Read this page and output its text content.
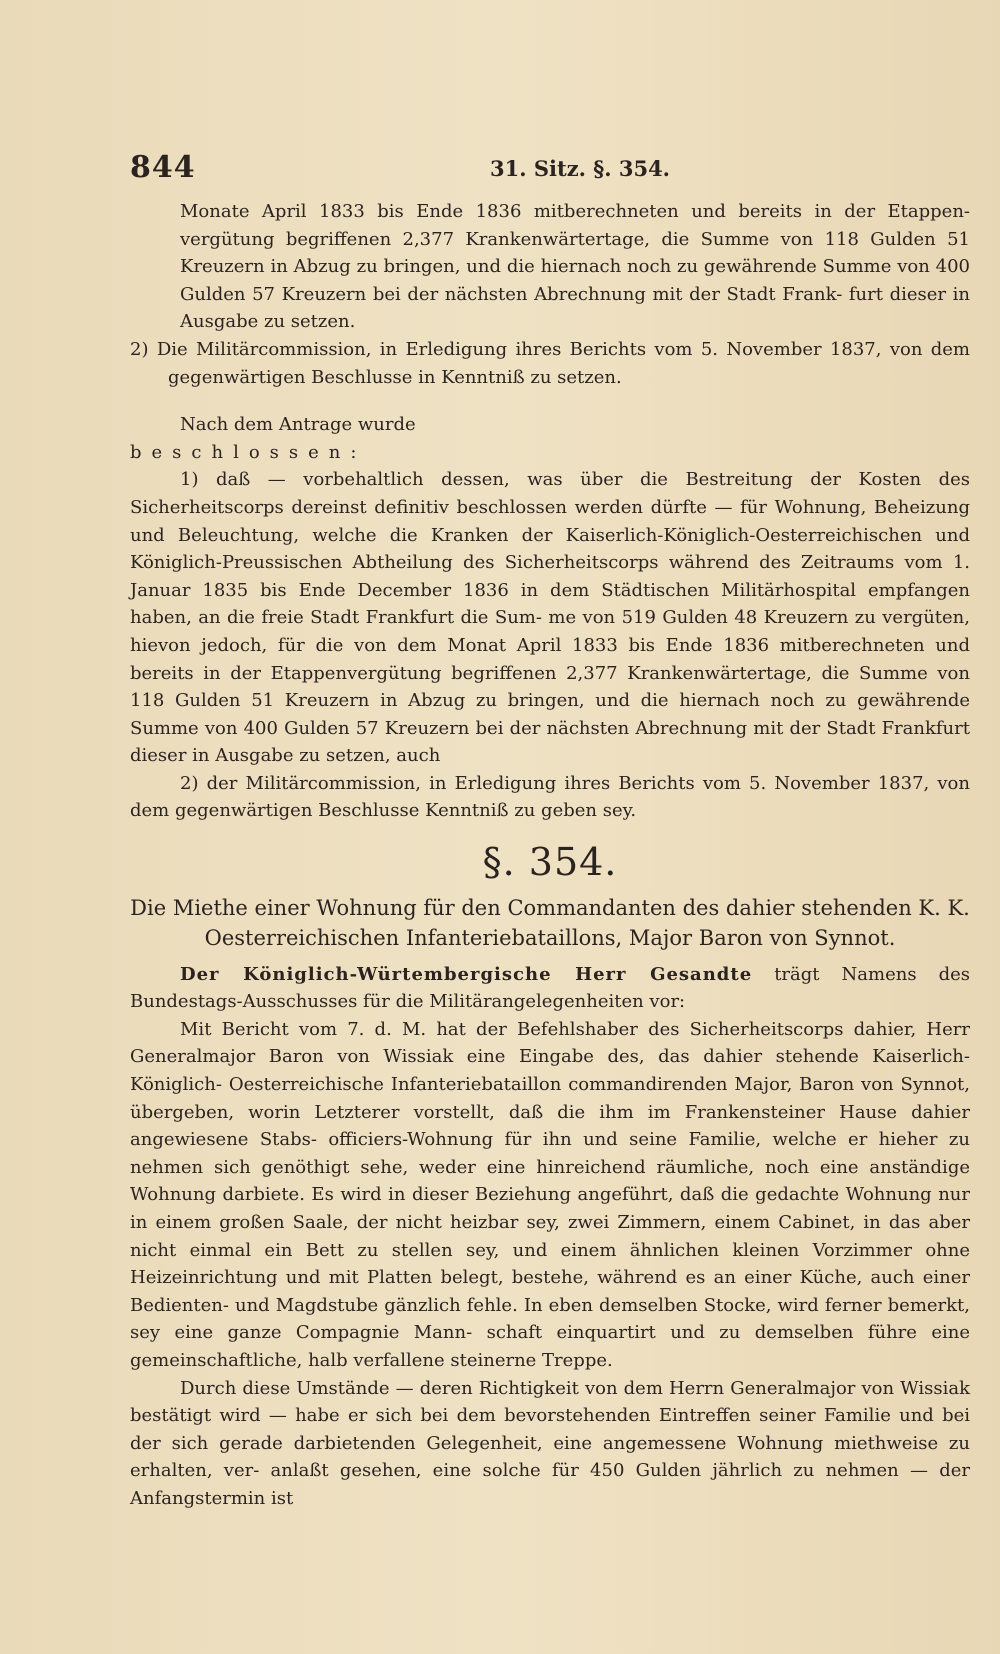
844	31. Sitz. §. 354.

Monate April 1833 bis Ende 1836 mitberechneten und bereits in der Etappen- vergütung begriffenen 2,377 Krankenwärtertage, die Summe von 118 Gulden 51 Kreuzern in Abzug zu bringen, und die hiernach noch zu gewährende Summe von 400 Gulden 57 Kreuzern bei der nächsten Abrechnung mit der Stadt Frank- furt dieser in Ausgabe zu setzen.

2) Die Militärcommission, in Erledigung ihres Berichts vom 5. November 1837, von dem gegenwärtigen Beschlusse in Kenntniß zu setzen.

Nach dem Antrage wurde

beschlossen:

1) daß — vorbehaltlich dessen, was über die Bestreitung der Kosten des Sicherheitscorps dereinst definitiv beschlossen werden dürfte — für Wohnung, Beheizung und Beleuchtung, welche die Kranken der Kaiserlich-Königlich-Oesterreichischen und Königlich-Preussischen Abtheilung des Sicherheitscorps während des Zeitraums vom 1. Januar 1835 bis Ende December 1836 in dem Städtischen Militärhospital empfangen haben, an die freie Stadt Frankfurt die Sum- me von 519 Gulden 48 Kreuzern zu vergüten, hievon jedoch, für die von dem Monat April 1833 bis Ende 1836 mitberechneten und bereits in der Etappenvergütung begriffenen 2,377 Krankenwärtertage, die Summe von 118 Gulden 51 Kreuzern in Abzug zu bringen, und die hiernach noch zu gewährende Summe von 400 Gulden 57 Kreuzern bei der nächsten Abrechnung mit der Stadt Frankfurt dieser in Ausgabe zu setzen, auch

2) der Militärcommission, in Erledigung ihres Berichts vom 5. November 1837, von dem gegenwärtigen Beschlusse Kenntniß zu geben sey.

§. 354.
Die Miethe einer Wohnung für den Commandanten des dahier stehenden K. K. Oesterreichischen Infanteriebataillons, Major Baron von Synnot.

Der Königlich-Würtembergische Herr Gesandte trägt Namens des Bundestags-Ausschusses für die Militärangelegenheiten vor:

Mit Bericht vom 7. d. M. hat der Befehlshaber des Sicherheitscorps dahier, Herr Generalmajor Baron von Wissiak eine Eingabe des, das dahier stehende Kaiserlich-Königlich- Oesterreichische Infanteriebataillon commandirenden Major, Baron von Synnot, übergeben, worin Letzterer vorstellt, daß die ihm im Frankensteiner Hause dahier angewiesene Stabs- officiers-Wohnung für ihn und seine Familie, welche er hieher zu nehmen sich genöthigt sehe, weder eine hinreichend räumliche, noch eine anständige Wohnung darbiete. Es wird in dieser Beziehung angeführt, daß die gedachte Wohnung nur in einem großen Saale, der nicht heizbar sey, zwei Zimmern, einem Cabinet, in das aber nicht einmal ein Bett zu stellen sey, und einem ähnlichen kleinen Vorzimmer ohne Heizeinrichtung und mit Platten belegt, bestehe, während es an einer Küche, auch einer Bedienten- und Magdstube gänzlich fehle. In eben demselben Stocke, wird ferner bemerkt, sey eine ganze Compagnie Mann- schaft einquartirt und zu demselben führe eine gemeinschaftliche, halb verfallene steinerne Treppe.

Durch diese Umstände — deren Richtigkeit von dem Herrn Generalmajor von Wissiak bestätigt wird — habe er sich bei dem bevorstehenden Eintreffen seiner Familie und bei der sich gerade darbietenden Gelegenheit, eine angemessene Wohnung miethweise zu erhalten, ver- anlaßt gesehen, eine solche für 450 Gulden jährlich zu nehmen — der Anfangstermin ist
